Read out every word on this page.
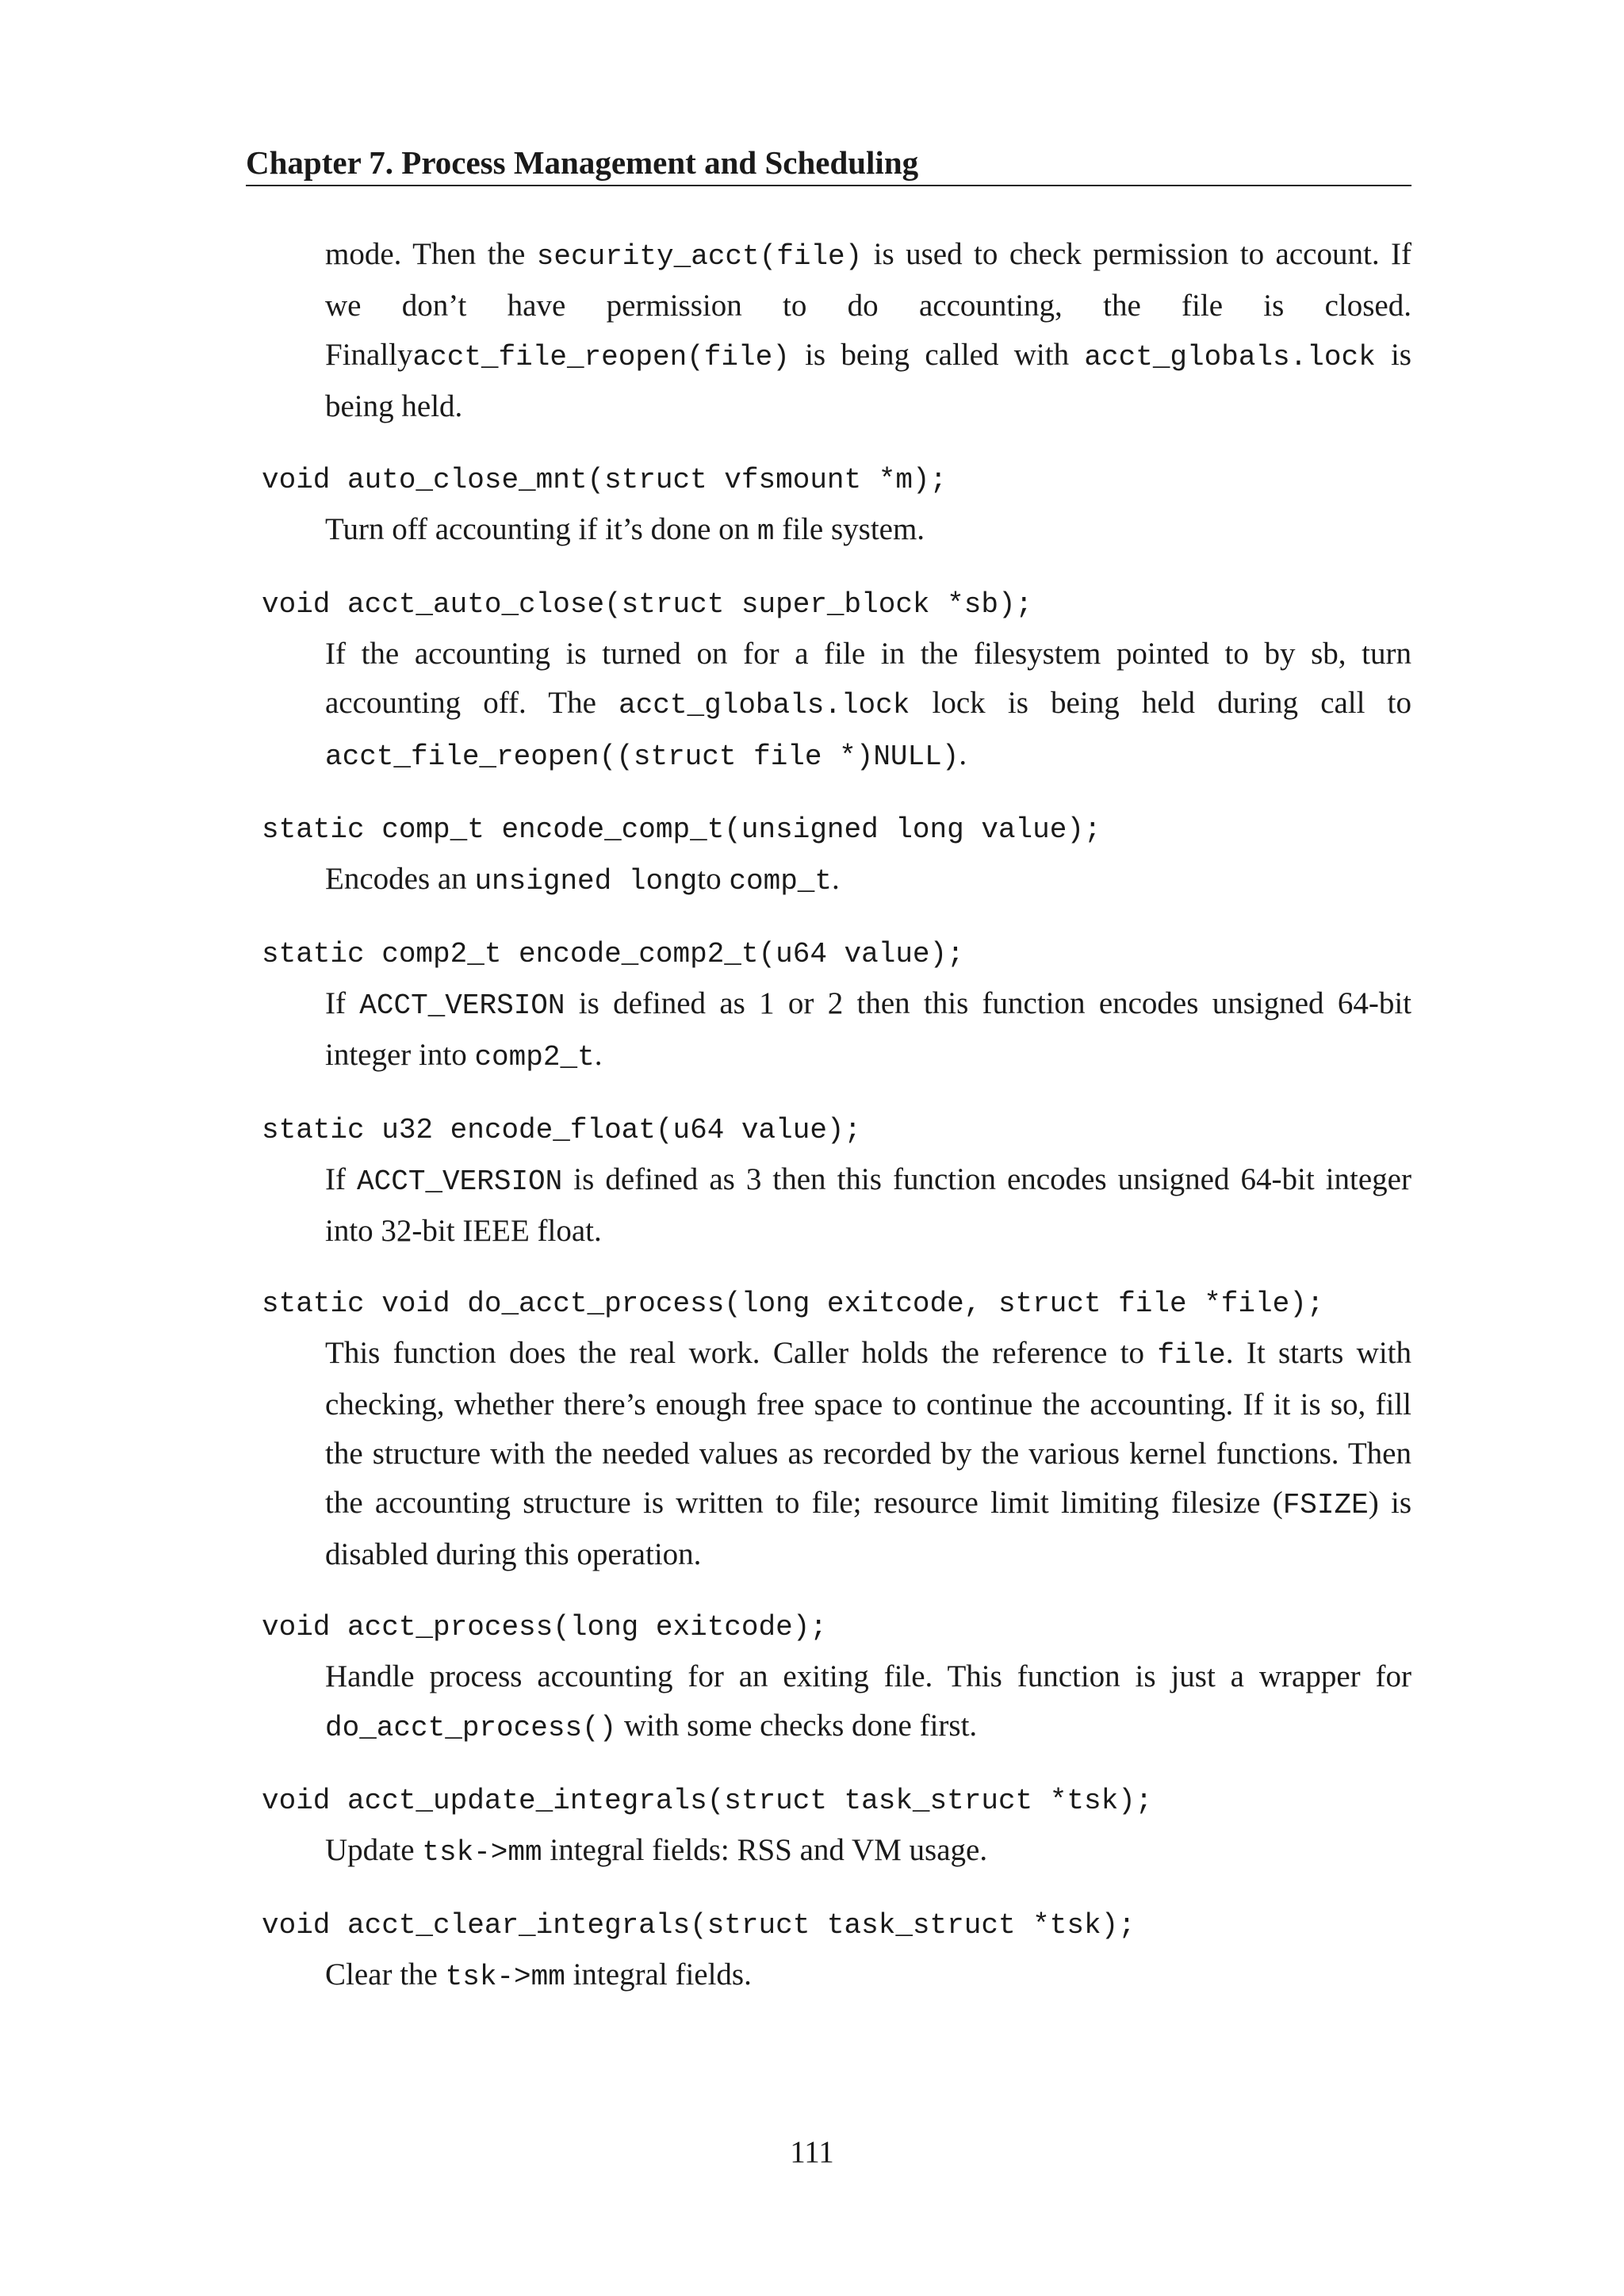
Chapter 7. Process Management and Scheduling
mode. Then the security_acct(file) is used to check permission to account. If we don’t have permission to do accounting, the file is closed. Finallyacct_file_reopen(file) is being called with acct_globals.lock is being held.
void auto_close_mnt(struct vfsmount *m);
Turn off accounting if it’s done on m file system.
void acct_auto_close(struct super_block *sb);
If the accounting is turned on for a file in the filesystem pointed to by sb, turn accounting off. The acct_globals.lock lock is being held during call to acct_file_reopen((struct file *)NULL).
static comp_t encode_comp_t(unsigned long value);
Encodes an unsigned longto comp_t.
static comp2_t encode_comp2_t(u64 value);
If ACCT_VERSION is defined as 1 or 2 then this function encodes unsigned 64-bit integer into comp2_t.
static u32 encode_float(u64 value);
If ACCT_VERSION is defined as 3 then this function encodes unsigned 64-bit integer into 32-bit IEEE float.
static void do_acct_process(long exitcode, struct file *file);
This function does the real work. Caller holds the reference to file. It starts with checking, whether there’s enough free space to continue the accounting. If it is so, fill the structure with the needed values as recorded by the various kernel functions. Then the accounting structure is written to file; resource limit limiting filesize (FSIZE) is disabled during this operation.
void acct_process(long exitcode);
Handle process accounting for an exiting file. This function is just a wrapper for do_acct_process() with some checks done first.
void acct_update_integrals(struct task_struct *tsk);
Update tsk->mm integral fields: RSS and VM usage.
void acct_clear_integrals(struct task_struct *tsk);
Clear the tsk->mm integral fields.
111
